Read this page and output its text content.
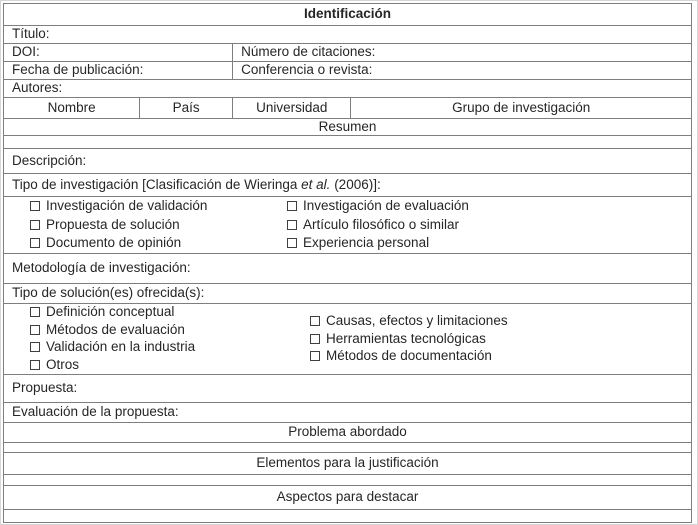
Identificación			
Título:			
DOI:		Número de citaciones:	
Fecha de publicación:		Conferencia o revista:	
Autores:			
Nombre	País	Universidad	Grupo de investigación
Resumen			

Descripción:			
Tipo de investigación [Clasificación de Wieringa et al. (2006)]:			

Investigación de validación
Propuesta de solución
Documento de opinión
Investigación de evaluación
Artículo filosófico o similar
Experiencia personal

Metodología de investigación:			
Tipo de solución(es) ofrecida(s):			

Definición conceptual
Métodos de evaluación
Validación en la industria
Otros
Causas, efectos y limitaciones
Herramientas tecnológicas
Métodos de documentación

Propuesta:			
Evaluación de la propuesta:			
Problema abordado			

Elementos para la justificación			

Aspectos para destacar			
